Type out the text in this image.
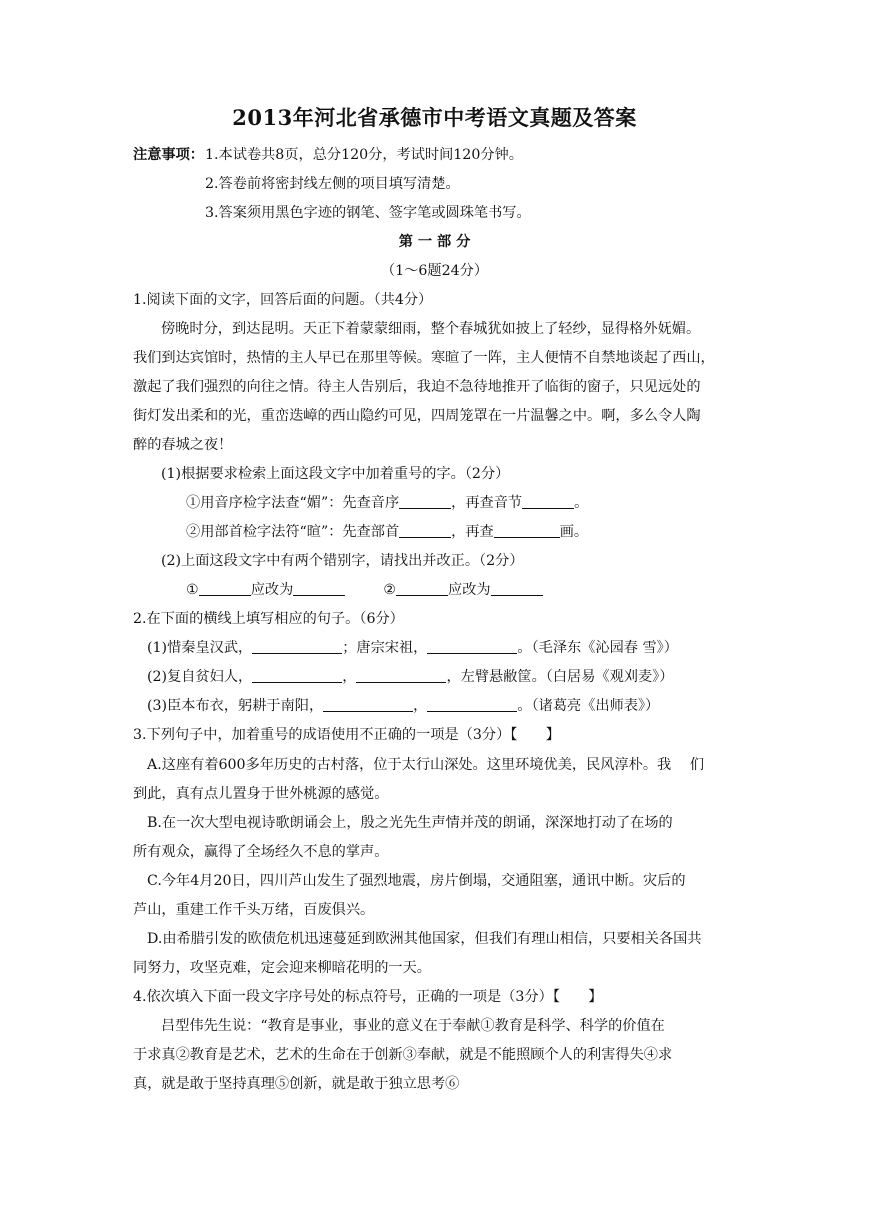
2013年河北省承德市中考语文真题及答案
注意事项： 1.本试卷共8页，总分120分，考试时间120分钟。
2.答卷前将密封线左侧的项目填写清楚。
3.答案须用黑色字迹的钢笔、签字笔或圆珠笔书写。
第 一 部 分
（1～6题24分）
1.阅读下面的文字，回答后面的问题。（共4分）
傍晚时分，到达昆明。天正下着蒙蒙细雨，整个春城犹如披上了轻纱，显得格外妩媚。
我们到达宾馆时，热情的主人早已在那里等候。寒暄了一阵，主人便情不自禁地谈起了西山，
激起了我们强烈的向往之情。待主人告别后，我迫不急待地推开了临街的窗子，只见远处的
街灯发出柔和的光，重峦迭嶂的西山隐约可见，四周笼罩在一片温馨之中。啊，多么令人陶
醉的春城之夜！
(1)根据要求检索上面这段文字中加着重号的字。（2分）
①用音序检字法查“媚”：先查音序	，再查音节	。
②用部首检字法符“暄”：先查部首	，再查	画。
(2)上面这段文字中有两个错别字，请找出并改正。（2分）
①	应改为	②	应改为
2.在下面的横线上填写相应的句子。（6分）
(1)惜秦皇汉武，	；唐宗宋祖，	。（毛泽东《沁园春 雪》）
(2)复自贫妇人，	，	，左臂悬敝筐。（白居易《观刈麦》）
(3)臣本布衣，躬耕于南阳，	，	。（诸葛亮《出师表》）
3.下列句子中，加着重号的成语使用不正确的一项是（3分）【　　】
A.这座有着600多年历史的古村落，位于太行山深处。这里环境优美，民风淳朴。我　 们
到此，真有点儿置身于世外桃源的感觉。
B.在一次大型电视诗歌朗诵会上，殷之光先生声情并茂的朗诵，深深地打动了在场的
所有观众，赢得了全场经久不息的掌声。
C.今年4月20日，四川芦山发生了强烈地震，房片倒塌，交通阻塞，通讯中断。灾后的
芦山，重建工作千头万绪，百废俱兴。
D.由希腊引发的欧债危机迅速蔓延到欧洲其他国家，但我们有理山相信，只要相关各国共
同努力，攻坚克难，定会迎来柳暗花明的一天。
4.依次填入下面一段文字序号处的标点符号，正确的一项是（3分）【　　】
吕型伟先生说：“教育是事业，事业的意义在于奉献①教育是科学、科学的价值在
于求真②教育是艺术，艺术的生命在于创新③奉献，就是不能照顾个人的利害得失④求
真，就是敢于坚持真理⑤创新，就是敢于独立思考⑥
